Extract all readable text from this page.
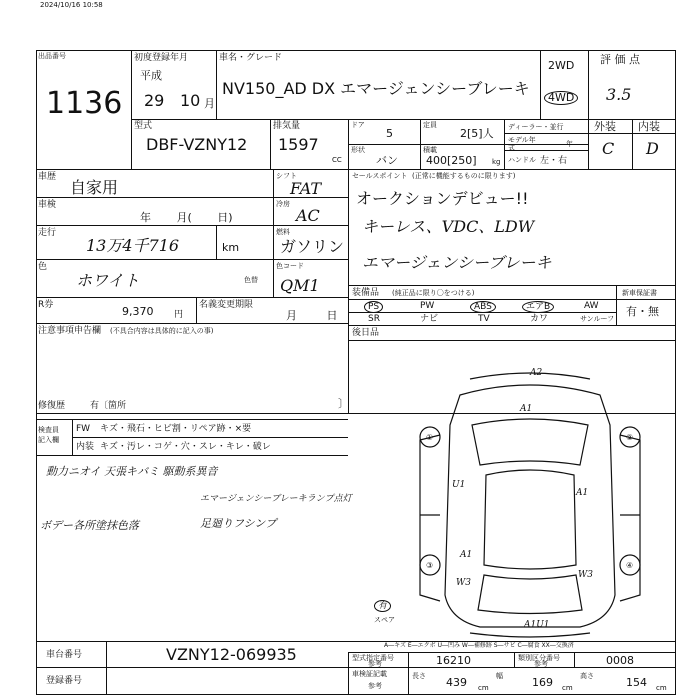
2024/10/16 10:58
出品番号
1136
初度登録年月
平成
29 10 月
車名・グレード
NV150_AD DX エマージェンシーブレーキ
2WD
4WD
評 価 点
3.5
型式
DBF-VZNY12
排気量
1597
CC
ドア
5
定員
2[5]人
形状
バン
積載
400[250] kg
ディーラー・並行
モデル年式	年
ハンドル 左・右
外装 内装
C D
車歴
自家用
シフト
FAT
車検
年 月( 日)
冷房
AC
走行
13万4千716	km
燃料
ガソリン
色
ホワイト	色替
色コード
QM1
R券	9,370 円
名義変更期限
月 日
注意事項申告欄 (不具合内容は具体的に記入の事)
修復歴	有〔箇所	〕
セールスポイント (正常に機能するものに限ります)
オークションデビュー!!
キーレス、VDC、LDW
エマージェンシーブレーキ
装備品 (純正品に限り〇をつける)	新車保証書
有・無
PS	PW	ABS	エアB	AW
SR	ナビ	TV	カワ	サンルーフ
後日品
検査員
記入欄
FW キズ・飛石・ヒビ割・リペア跡・×要
内装 キズ・汚レ・コゲ・穴・スレ・キレ・破レ
動力ニオイ 天張キバミ 駆動系異音
エマージェンシーブレーキランプ点灯
ボデー各所塗抹色落	足廻りフシンプ
①	②
③	④
A2
A1
U1
A1
A1
W3
W3
A1U1
有
スペア
A―キズ E―エクボ U―凹み W―補修跡 S―サビ C―腐食 XX―交換済
車台番号	VZNY12-069935
登録番号
型式指定番号
参考	16210	類別区分番号
参考	0008
車検証記載
参考
長さ 439 cm
幅	169 cm
高さ	154 cm
